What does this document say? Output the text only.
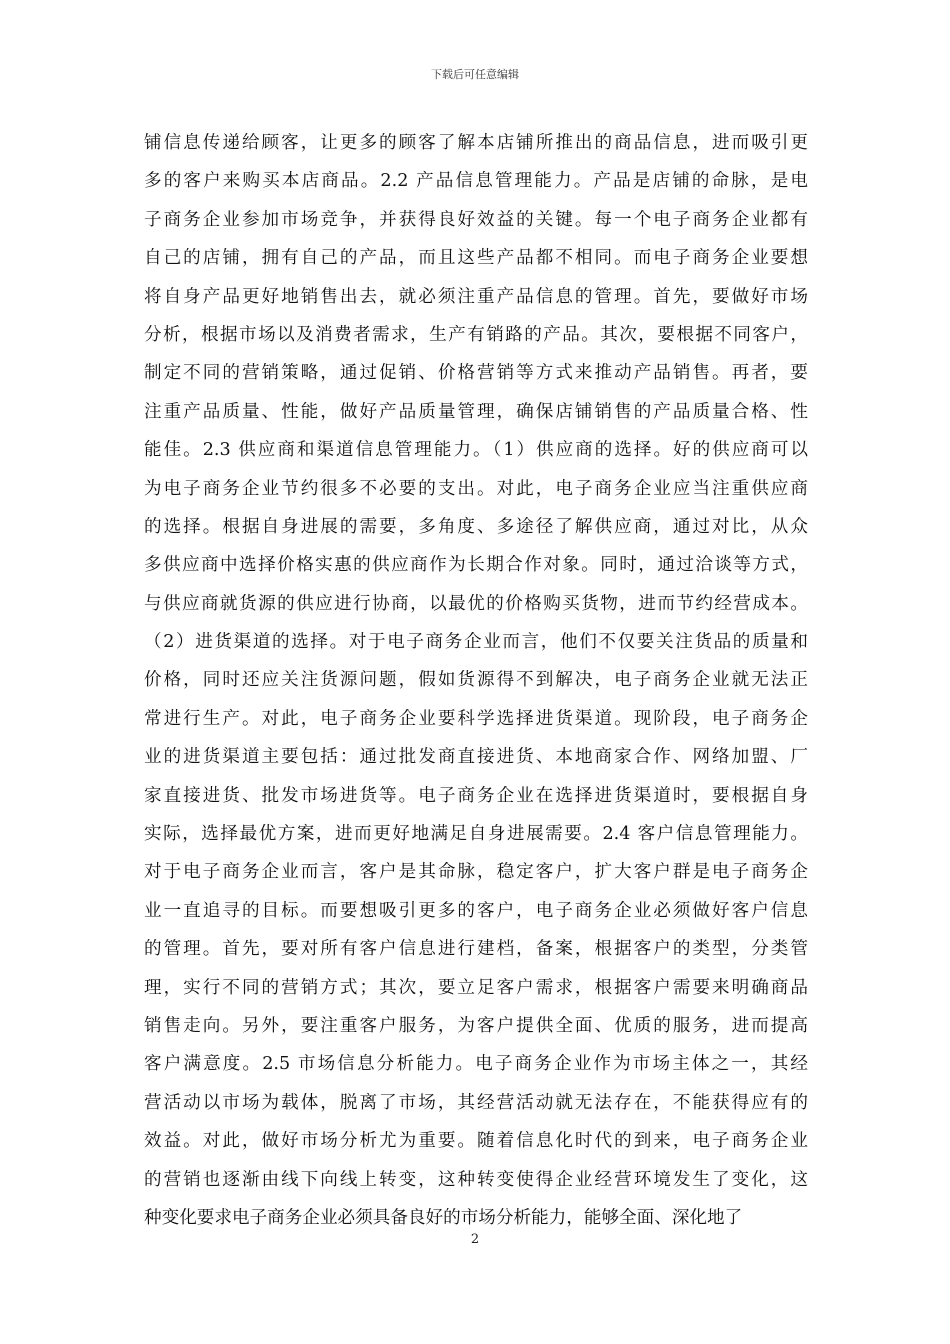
下载后可任意编辑
铺信息传递给顾客，让更多的顾客了解本店铺所推出的商品信息，进而吸引更
多的客户来购买本店商品。2.2 产品信息管理能力。产品是店铺的命脉，是电
子商务企业参加市场竞争，并获得良好效益的关键。每一个电子商务企业都有
自己的店铺，拥有自己的产品，而且这些产品都不相同。而电子商务企业要想
将自身产品更好地销售出去，就必须注重产品信息的管理。首先，要做好市场
分析，根据市场以及消费者需求，生产有销路的产品。其次，要根据不同客户，
制定不同的营销策略，通过促销、价格营销等方式来推动产品销售。再者，要
注重产品质量、性能，做好产品质量管理，确保店铺销售的产品质量合格、性
能佳。2.3 供应商和渠道信息管理能力。（1）供应商的选择。好的供应商可以
为电子商务企业节约很多不必要的支出。对此，电子商务企业应当注重供应商
的选择。根据自身进展的需要，多角度、多途径了解供应商，通过对比，从众
多供应商中选择价格实惠的供应商作为长期合作对象。同时，通过洽谈等方式，
与供应商就货源的供应进行协商，以最优的价格购买货物，进而节约经营成本。
（2）进货渠道的选择。对于电子商务企业而言，他们不仅要关注货品的质量和
价格，同时还应关注货源问题，假如货源得不到解决，电子商务企业就无法正
常进行生产。对此，电子商务企业要科学选择进货渠道。现阶段，电子商务企
业的进货渠道主要包括：通过批发商直接进货、本地商家合作、网络加盟、厂
家直接进货、批发市场进货等。电子商务企业在选择进货渠道时，要根据自身
实际，选择最优方案，进而更好地满足自身进展需要。2.4 客户信息管理能力。
对于电子商务企业而言，客户是其命脉，稳定客户，扩大客户群是电子商务企
业一直追寻的目标。而要想吸引更多的客户，电子商务企业必须做好客户信息
的管理。首先，要对所有客户信息进行建档，备案，根据客户的类型，分类管
理，实行不同的营销方式；其次，要立足客户需求，根据客户需要来明确商品
销售走向。另外，要注重客户服务，为客户提供全面、优质的服务，进而提高
客户满意度。2.5 市场信息分析能力。电子商务企业作为市场主体之一，其经
营活动以市场为载体，脱离了市场，其经营活动就无法存在，不能获得应有的
效益。对此，做好市场分析尤为重要。随着信息化时代的到来，电子商务企业
的营销也逐渐由线下向线上转变，这种转变使得企业经营环境发生了变化，这
种变化要求电子商务企业必须具备良好的市场分析能力，能够全面、深化地了
2
